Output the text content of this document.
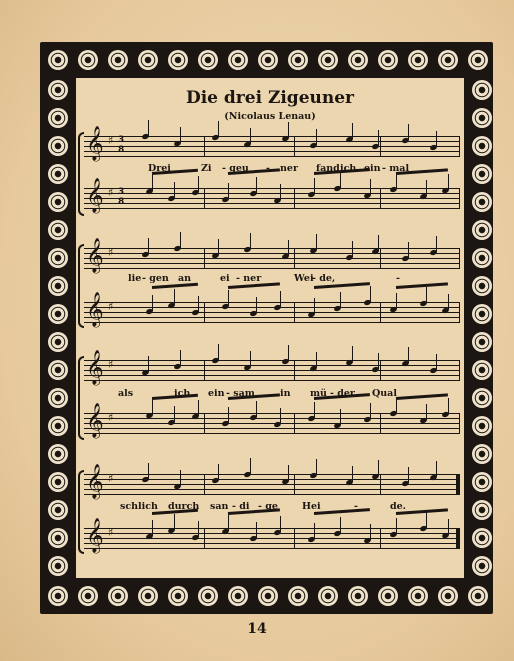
Die drei Zigeuner
(Nicolaus Lenau)
𝄞 ♯ 3
8
𝄞 ♯ 3
8
𝄞 ♯
𝄞 ♯
𝄞 ♯
𝄞 ♯
𝄞 ♯
𝄞 ♯
Drei	Zi - geu - ner fand ich ein - mal
lie - gen an	ei - ner	Wei
- de,	-
als	ich ein - sam	in mü - der Qual
schlich durch san - di - ge	Hei	-	de.
14
